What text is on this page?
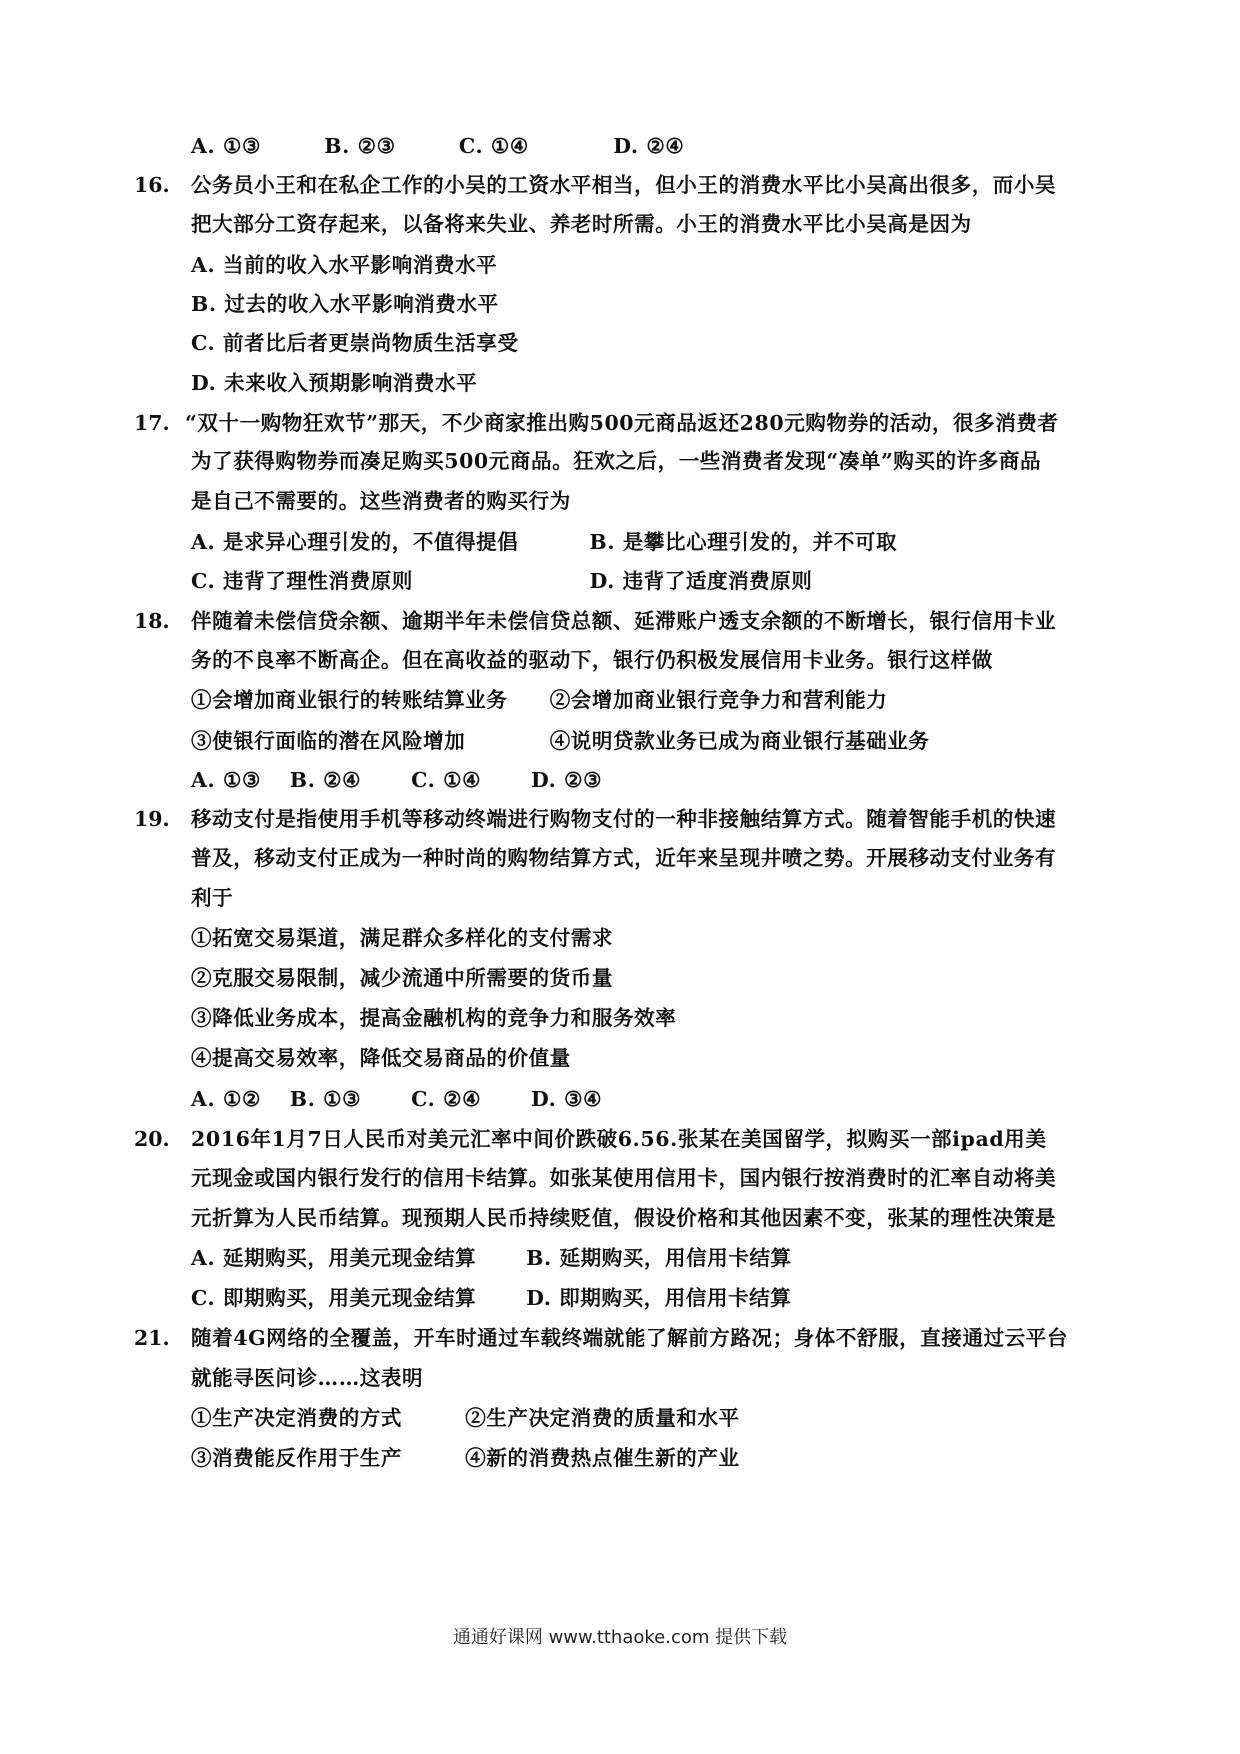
A. ①③　　　B. ②③　　　C. ①④　　　　D. ②④
16. 公务员小王和在私企工作的小吴的工资水平相当，但小王的消费水平比小吴高出很多，而小吴
把大部分工资存起来，以备将来失业、养老时所需。小王的消费水平比小吴高是因为
A. 当前的收入水平影响消费水平
B. 过去的收入水平影响消费水平
C. 前者比后者更崇尚物质生活享受
D. 未来收入预期影响消费水平
17. “双十一购物狂欢节”那天，不少商家推出购500元商品返还280元购物券的活动，很多消费者
为了获得购物券而凑足购买500元商品。狂欢之后，一些消费者发现“凑单”购买的许多商品
是自己不需要的。这些消费者的购买行为
A. 是求异心理引发的，不值得提倡　　　 B. 是攀比心理引发的，并不可取
C. 违背了理性消费原则　　　　　　　　 D. 违背了适度消费原则
18. 伴随着未偿信贷余额、逾期半年未偿信贷总额、延滞账户透支余额的不断增长，银行信用卡业
务的不良率不断高企。但在高收益的驱动下，银行仍积极发展信用卡业务。银行这样做
①会增加商业银行的转账结算业务　　②会增加商业银行竞争力和营利能力
③使银行面临的潜在风险增加　　　　④说明贷款业务已成为商业银行基础业务
A. ①③　 B. ②④　　 C. ①④　　 D. ②③
19. 移动支付是指使用手机等移动终端进行购物支付的一种非接触结算方式。随着智能手机的快速
普及，移动支付正成为一种时尚的购物结算方式，近年来呈现井喷之势。开展移动支付业务有
利于
①拓宽交易渠道，满足群众多样化的支付需求
②克服交易限制，减少流通中所需要的货币量
③降低业务成本，提高金融机构的竞争力和服务效率
④提高交易效率，降低交易商品的价值量
A. ①②　 B. ①③　　 C. ②④　　 D. ③④
20. 2016年1月7日人民币对美元汇率中间价跌破6.56.张某在美国留学，拟购买一部ipad用美
元现金或国内银行发行的信用卡结算。如张某使用信用卡，国内银行按消费时的汇率自动将美
元折算为人民币结算。现预期人民币持续贬值，假设价格和其他因素不变，张某的理性决策是
A. 延期购买，用美元现金结算　　 B. 延期购买，用信用卡结算
C. 即期购买，用美元现金结算　　 D. 即期购买，用信用卡结算
21. 随着4G网络的全覆盖，开车时通过车载终端就能了解前方路况；身体不舒服，直接通过云平台
就能寻医问诊……这表明
①生产决定消费的方式　　　②生产决定消费的质量和水平
③消费能反作用于生产　　　④新的消费热点催生新的产业
通通好课网 www.tthaoke.com 提供下载
